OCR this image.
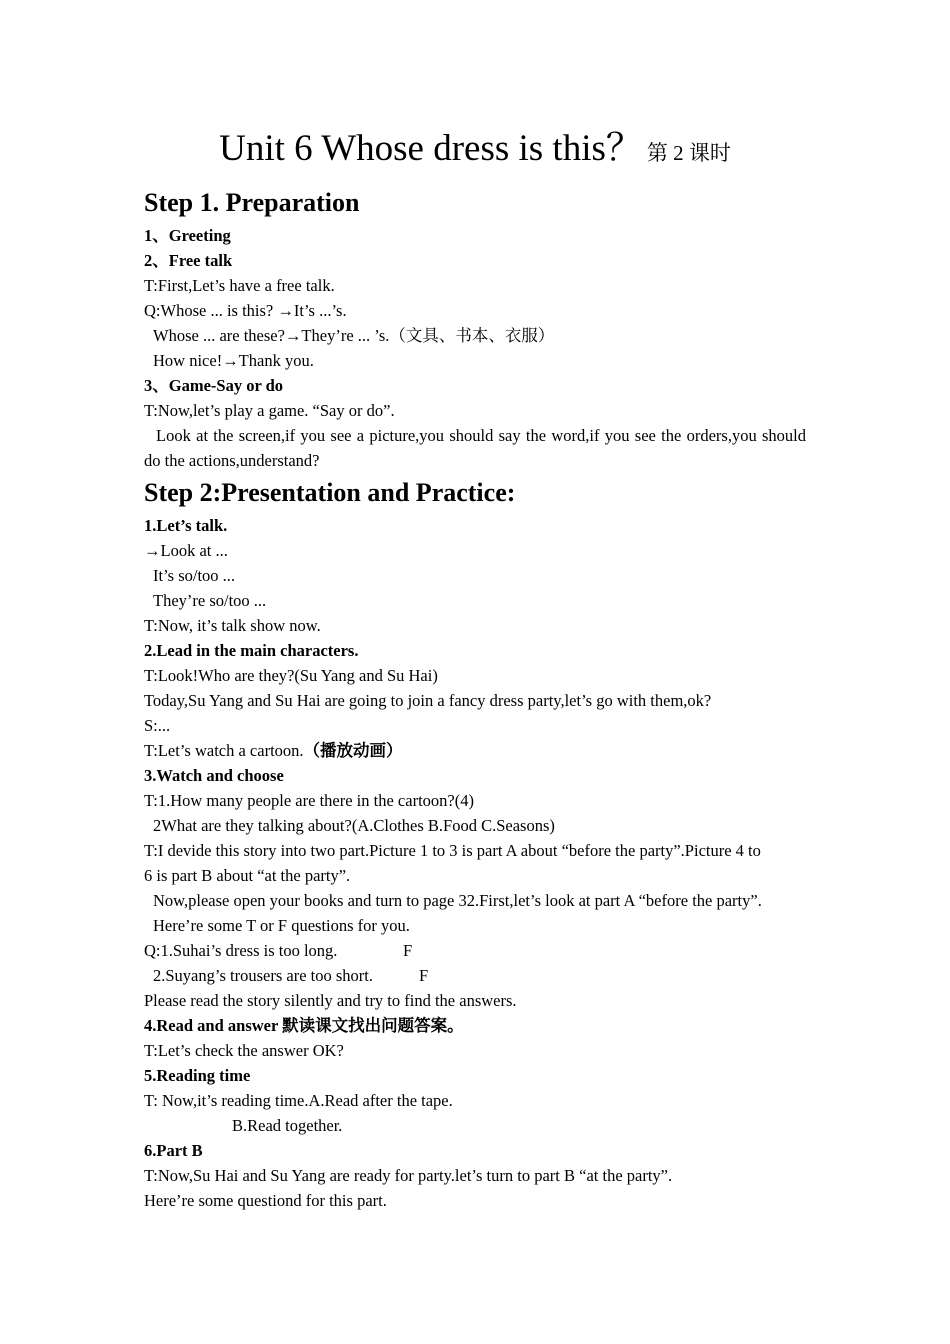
Unit 6 Whose dress is this？ 第 2 课时
Step 1. Preparation
1、Greeting
2、Free talk
T:First,Let’s have a free talk.
Q:Whose ... is this? →It’s ...’s.
Whose ... are these?→They’re ... ’s.（文具、书本、衣服）
How nice!→Thank you.
3、Game-Say or do
T:Now,let’s play a game. “Say or do”.
Look at the screen,if you see a picture,you should say the word,if you see the orders,you should do the actions,understand?
Step 2:Presentation and Practice:
1.Let’s talk.
→Look at ...
It’s so/too ...
They’re so/too ...
T:Now, it’s talk show now.
2.Lead in the main characters.
T:Look!Who are they?(Su Yang and Su Hai)
Today,Su Yang and Su Hai are going to join a fancy dress party,let’s go with them,ok?
S:...
T:Let’s watch a cartoon.（播放动画）
3.Watch and choose
T:1.How many people are there in the cartoon?(4)
2What are they talking about?(A.Clothes B.Food C.Seasons)
T:I devide this story into two part.Picture 1 to 3 is part A about “before the party”.Picture 4 to
6 is part B about “at the party”.
Now,please open your books and turn to page 32.First,let’s look at part A “before the party”.
Here’re some T or F questions for you.
Q:1.Suhai’s dress is too long.	F
2.Suyang’s trousers are too short.	F
Please read the story silently and try to find the answers.
4.Read and answer 默读课文找出问题答案。
T:Let’s check the answer OK?
5.Reading time
T: Now,it’s reading time.A.Read after the tape.
B.Read together.
6.Part B
T:Now,Su Hai and Su Yang are ready for party.let’s turn to part B “at the party”.
Here’re some questiond for this part.
